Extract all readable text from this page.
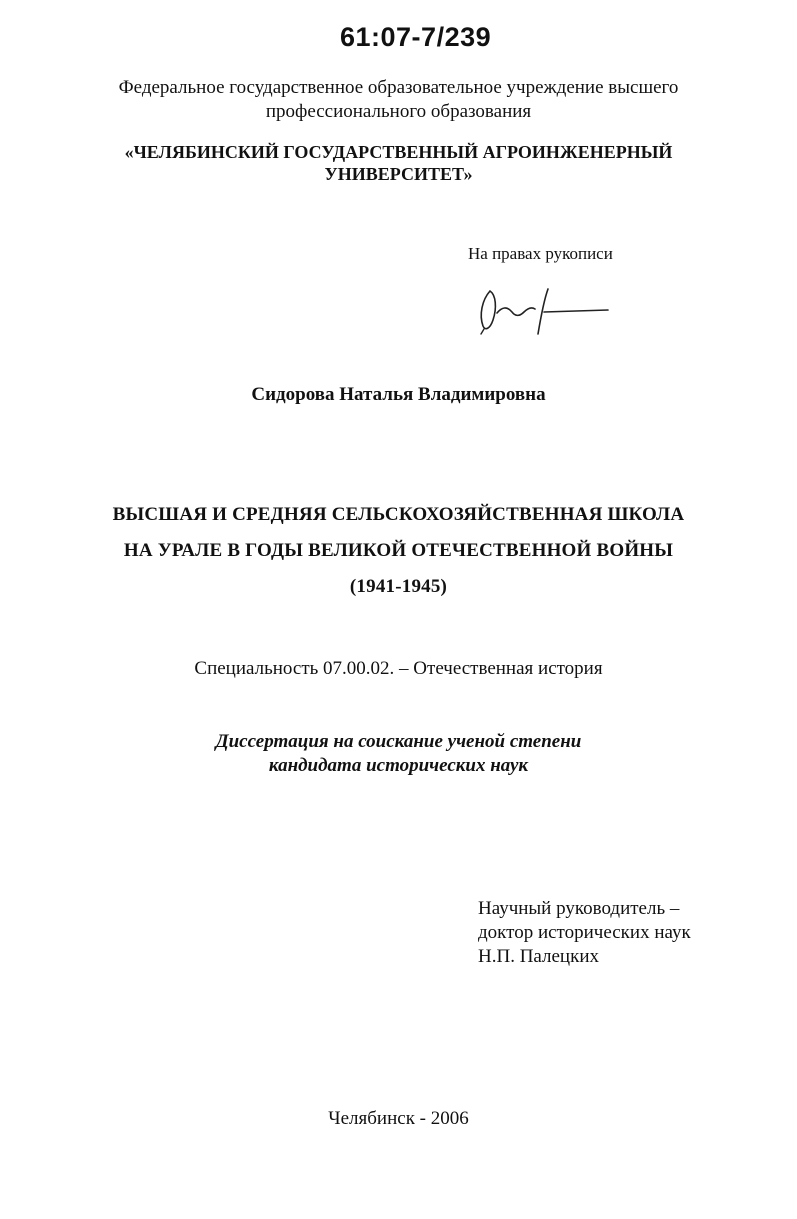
61:07-7/239
Федеральное государственное образовательное учреждение высшего
профессионального образования
«ЧЕЛЯБИНСКИЙ ГОСУДАРСТВЕННЫЙ АГРОИНЖЕНЕРНЫЙ
УНИВЕРСИТЕТ»
На правах рукописи
Сидорова Наталья Владимировна
ВЫСШАЯ И СРЕДНЯЯ СЕЛЬСКОХОЗЯЙСТВЕННАЯ ШКОЛА
НА УРАЛЕ В ГОДЫ ВЕЛИКОЙ ОТЕЧЕСТВЕННОЙ ВОЙНЫ
(1941-1945)
Специальность 07.00.02. – Отечественная история
Диссертация на соискание ученой степени
кандидата исторических наук
Научный руководитель –
доктор исторических наук
Н.П. Палецких
Челябинск - 2006
